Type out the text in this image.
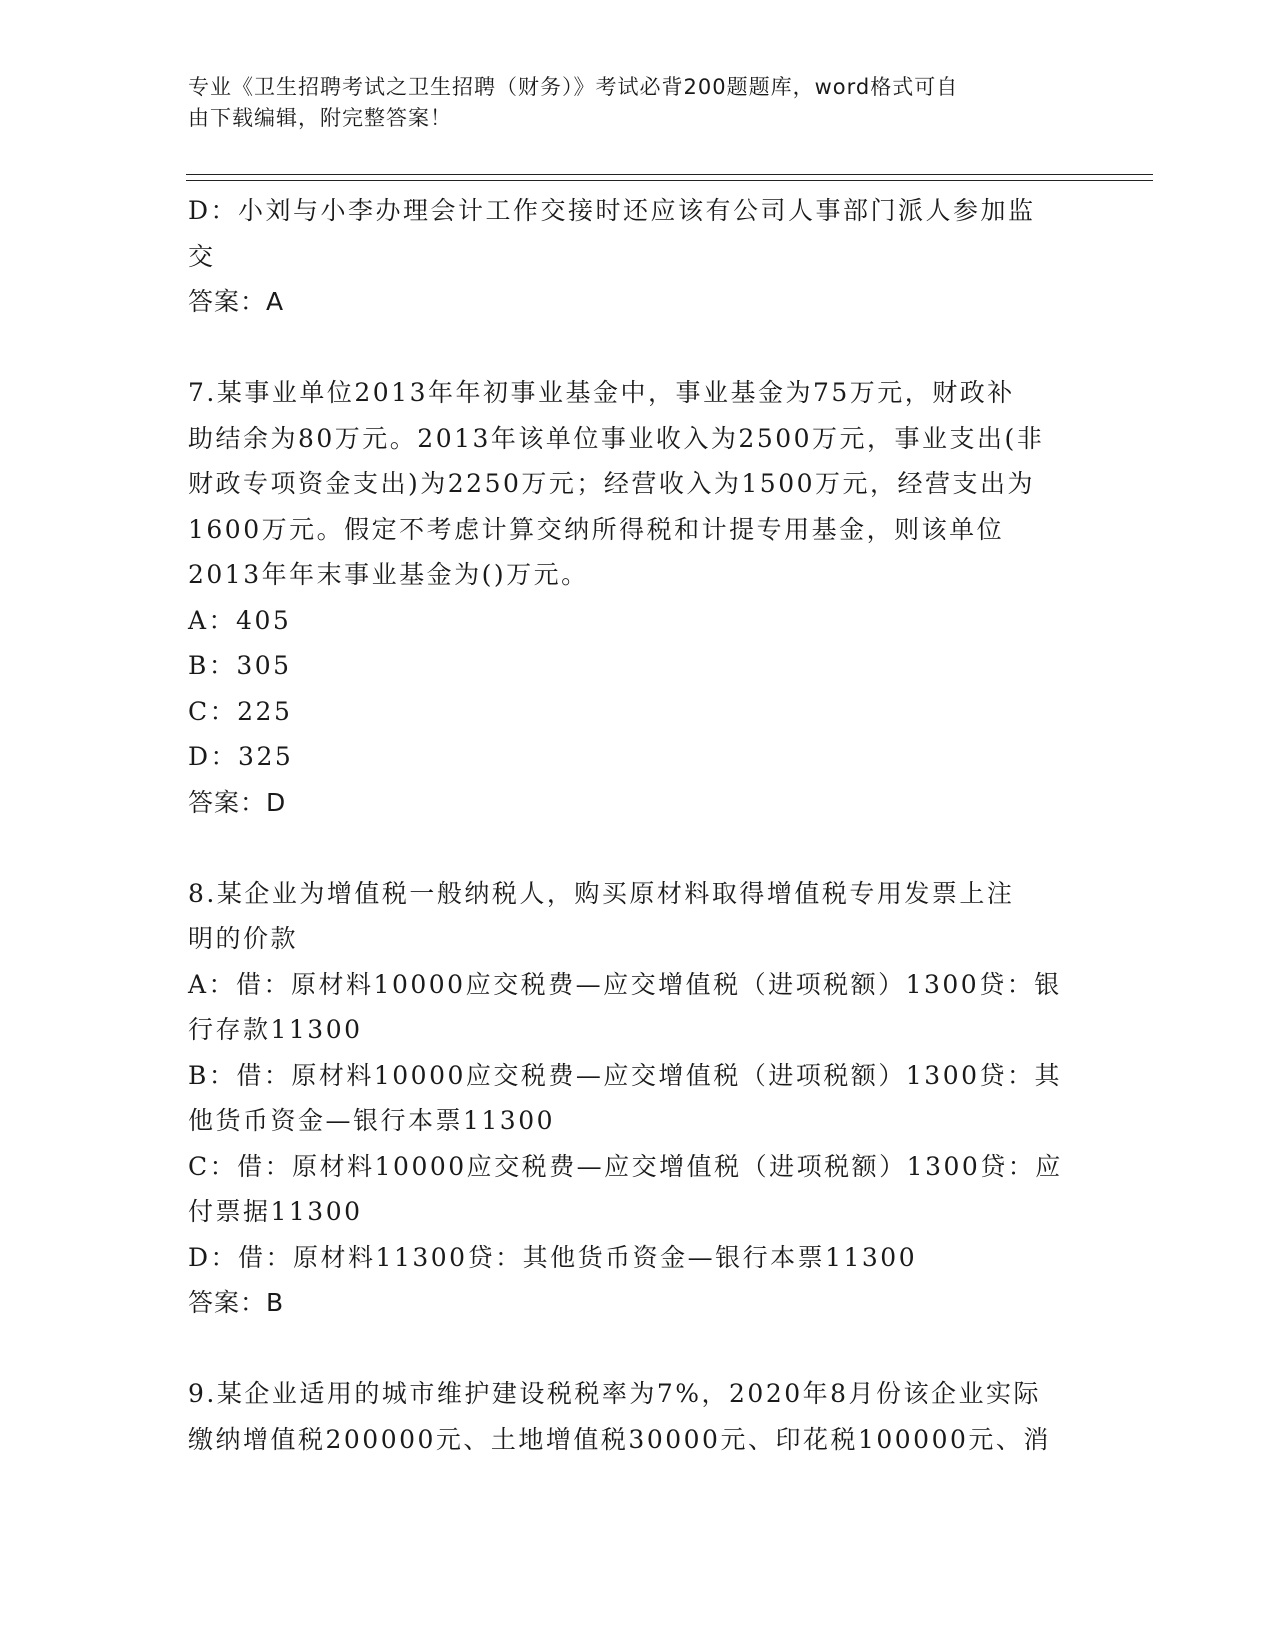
专业《卫生招聘考试之卫生招聘（财务）》考试必背200题题库，word格式可自
由下载编辑，附完整答案！
D：小刘与小李办理会计工作交接时还应该有公司人事部门派人参加监
交
答案：A
7.某事业单位2013年年初事业基金中，事业基金为75万元，财政补
助结余为80万元。2013年该单位事业收入为2500万元，事业支出(非
财政专项资金支出)为2250万元；经营收入为1500万元，经营支出为
1600万元。假定不考虑计算交纳所得税和计提专用基金，则该单位
2013年年末事业基金为()万元。
A：405
B：305
C：225
D：325
答案：D
8.某企业为增值税一般纳税人，购买原材料取得增值税专用发票上注
明的价款
A：借：原材料10000应交税费—应交增值税（进项税额）1300贷：银
行存款11300
B：借：原材料10000应交税费—应交增值税（进项税额）1300贷：其
他货币资金—银行本票11300
C：借：原材料10000应交税费—应交增值税（进项税额）1300贷：应
付票据11300
D：借：原材料11300贷：其他货币资金—银行本票11300
答案：B
9.某企业适用的城市维护建设税税率为7%，2020年8月份该企业实际
缴纳增值税200000元、土地增值税30000元、印花税100000元、消
